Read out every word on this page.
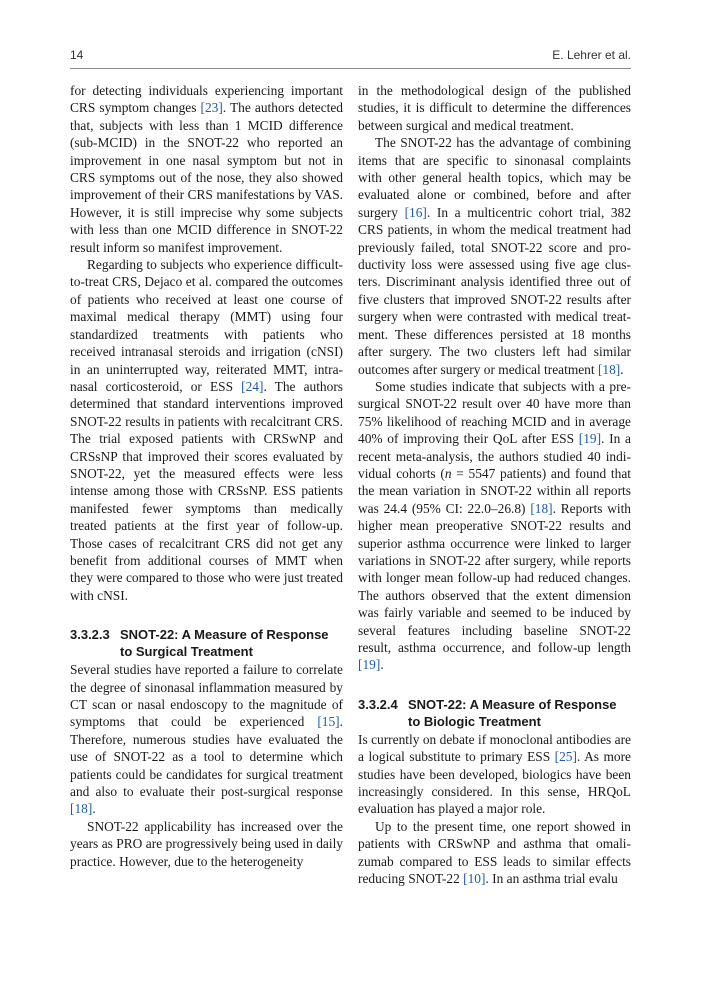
14	E. Lehrer et al.

for detecting individuals experiencing important CRS symptom changes [23]. The authors detected that, subjects with less than 1 MCID difference (sub-MCID) in the SNOT-22 who reported an improvement in one nasal symptom but not in CRS symptoms out of the nose, they also showed improvement of their CRS manifestations by VAS. However, it is still imprecise why some subjects with less than one MCID difference in SNOT-22 result inform so manifest improvement.

Regarding to subjects who experience difficult-to-treat CRS, Dejaco et al. compared the outcomes of patients who received at least one course of maximal medical therapy (MMT) using four standardized treatments with patients who received intranasal steroids and irrigation (cNSI) in an uninterrupted way, reiterated MMT, intranasal corticosteroid, or ESS [24]. The authors determined that standard interventions improved SNOT-22 results in patients with recalcitrant CRS. The trial exposed patients with CRSwNP and CRSsNP that improved their scores evaluated by SNOT-22, yet the measured effects were less intense among those with CRSsNP. ESS patients manifested fewer symptoms than medically treated patients at the first year of follow-up. Those cases of recalcitrant CRS did not get any benefit from additional courses of MMT when they were compared to those who were just treated with cNSI.

3.3.2.3 SNOT-22: A Measure of Response to Surgical Treatment

Several studies have reported a failure to correlate the degree of sinonasal inflammation measured by CT scan or nasal endoscopy to the magnitude of symptoms that could be experienced [15]. Therefore, numerous studies have evaluated the use of SNOT-22 as a tool to determine which patients could be candidates for surgical treatment and also to evaluate their post-surgical response [18].

SNOT-22 applicability has increased over the years as PRO are progressively being used in daily practice. However, due to the heterogeneity

in the methodological design of the published studies, it is difficult to determine the differences between surgical and medical treatment.

The SNOT-22 has the advantage of combining items that are specific to sinonasal complaints with other general health topics, which may be evaluated alone or combined, before and after surgery [16]. In a multicentric cohort trial, 382 CRS patients, in whom the medical treatment had previously failed, total SNOT-22 score and productivity loss were assessed using five age clusters. Discriminant analysis identified three out of five clusters that improved SNOT-22 results after surgery when were contrasted with medical treatment. These differences persisted at 18 months after surgery. The two clusters left had similar outcomes after surgery or medical treatment [18].

Some studies indicate that subjects with a presurgical SNOT-22 result over 40 have more than 75% likelihood of reaching MCID and in average 40% of improving their QoL after ESS [19]. In a recent meta-analysis, the authors studied 40 individual cohorts (n = 5547 patients) and found that the mean variation in SNOT-22 within all reports was 24.4 (95% CI: 22.0–26.8) [18]. Reports with higher mean preoperative SNOT-22 results and superior asthma occurrence were linked to larger variations in SNOT-22 after surgery, while reports with longer mean follow-up had reduced changes. The authors observed that the extent dimension was fairly variable and seemed to be induced by several features including baseline SNOT-22 result, asthma occurrence, and follow-up length [19].

3.3.2.4 SNOT-22: A Measure of Response to Biologic Treatment

Is currently on debate if monoclonal antibodies are a logical substitute to primary ESS [25]. As more studies have been developed, biologics have been increasingly considered. In this sense, HRQoL evaluation has played a major role.

Up to the present time, one report showed in patients with CRSwNP and asthma that omalizumab compared to ESS leads to similar effects reducing SNOT-22 [10]. In an asthma trial evalu
